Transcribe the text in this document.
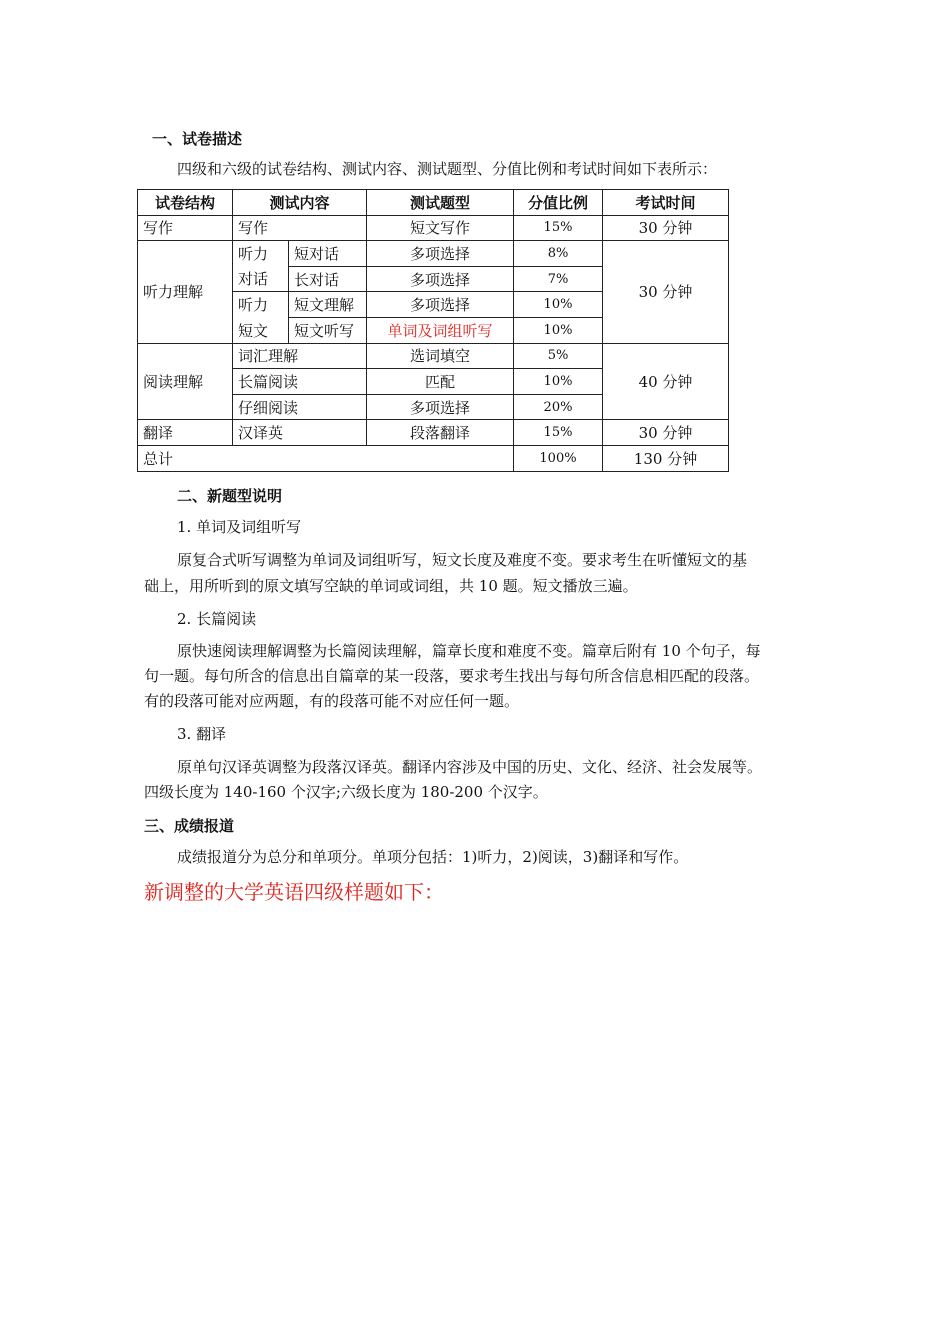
一、试卷描述
四级和六级的试卷结构、测试内容、测试题型、分值比例和考试时间如下表所示：
试卷结构	测试内容		测试题型	分值比例	考试时间
写作	写作		短文写作	15%	30 分钟
听力理解	听力	短对话	多项选择	8%	30 分钟
	对话	长对话	多项选择	7%	
	听力	短文理解	多项选择	10%	
	短文	短文听写	单词及词组听写	10%	
阅读理解	词汇理解		选词填空	5%	40 分钟
	长篇阅读		匹配	10%	
	仔细阅读		多项选择	20%	
翻译	汉译英		段落翻译	15%	30 分钟
总计				100%	130 分钟
二、新题型说明
1. 单词及词组听写
原复合式听写调整为单词及词组听写，短文长度及难度不变。要求考生在听懂短文的基
础上，用所听到的原文填写空缺的单词或词组，共 10 题。短文播放三遍。
2. 长篇阅读
原快速阅读理解调整为长篇阅读理解，篇章长度和难度不变。篇章后附有 10 个句子，每
句一题。每句所含的信息出自篇章的某一段落，要求考生找出与每句所含信息相匹配的段落。
有的段落可能对应两题，有的段落可能不对应任何一题。
3. 翻译
原单句汉译英调整为段落汉译英。翻译内容涉及中国的历史、文化、经济、社会发展等。
四级长度为 140-160 个汉字;六级长度为 180-200 个汉字。
三、成绩报道
成绩报道分为总分和单项分。单项分包括：1)听力，2)阅读，3)翻译和写作。
新调整的大学英语四级样题如下：
